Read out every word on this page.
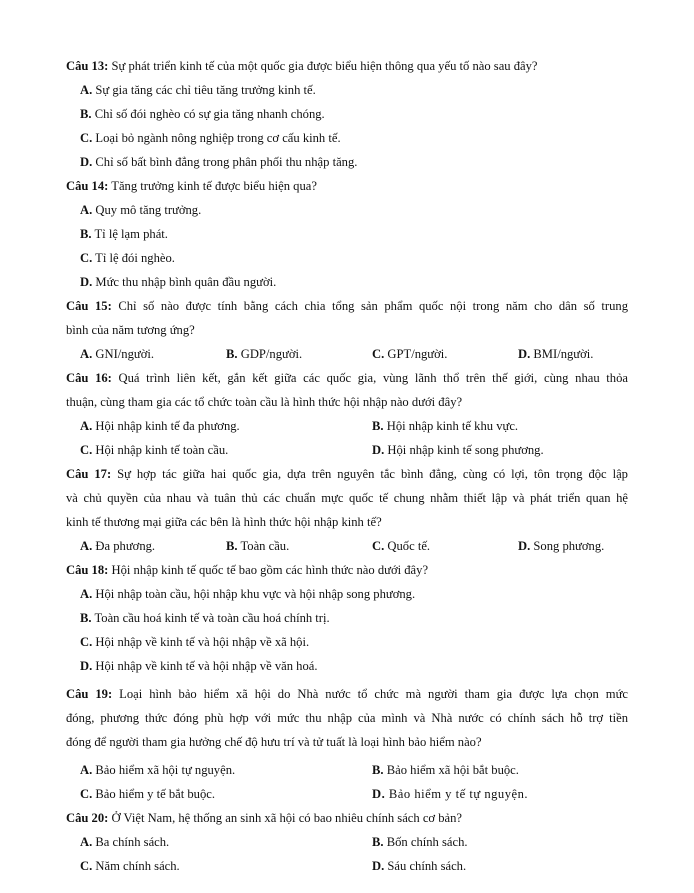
Câu 13: Sự phát triển kinh tế của một quốc gia được biểu hiện thông qua yếu tố nào sau đây?
A. Sự gia tăng các chỉ tiêu tăng trưởng kinh tế.
B. Chỉ số đói nghèo có sự gia tăng nhanh chóng.
C. Loại bỏ ngành nông nghiệp trong cơ cấu kinh tế.
D. Chỉ số bất bình đẳng trong phân phối thu nhập tăng.
Câu 14: Tăng trưởng kinh tế được biểu hiện qua?
A. Quy mô tăng trưởng.
B. Tỉ lệ lạm phát.
C. Tỉ lệ đói nghèo.
D. Mức thu nhập bình quân đầu người.
Câu 15: Chỉ số nào được tính bằng cách chia tổng sản phẩm quốc nội trong năm cho dân số trung
bình của năm tương ứng?
A. GNI/người.	B. GDP/người.	C. GPT/người.	D. BMI/người.
Câu 16: Quá trình liên kết, gắn kết giữa các quốc gia, vùng lãnh thổ trên thế giới, cùng nhau thỏa
thuận, cùng tham gia các tổ chức toàn cầu là hình thức hội nhập nào dưới đây?
A. Hội nhập kinh tế đa phương.	B. Hội nhập kinh tế khu vực.
C. Hội nhập kinh tế toàn cầu.	D. Hội nhập kinh tế song phương.
Câu 17: Sự hợp tác giữa hai quốc gia, dựa trên nguyên tắc bình đẳng, cùng có lợi, tôn trọng độc lập
và chủ quyền của nhau và tuân thủ các chuẩn mực quốc tế chung nhằm thiết lập và phát triển quan hệ
kinh tế thương mại giữa các bên là hình thức hội nhập kinh tế?
A. Đa phương.	B. Toàn cầu.	C. Quốc tế.	D. Song phương.
Câu 18: Hội nhập kinh tế quốc tế bao gồm các hình thức nào dưới đây?
A. Hội nhập toàn cầu, hội nhập khu vực và hội nhập song phương.
B. Toàn cầu hoá kinh tế và toàn cầu hoá chính trị.
C. Hội nhập về kinh tế và hội nhập về xã hội.
D. Hội nhập về kinh tế và hội nhập về văn hoá.
Câu 19: Loại hình bảo hiểm xã hội do Nhà nước tổ chức mà người tham gia được lựa chọn mức
đóng, phương thức đóng phù hợp với mức thu nhập của mình và Nhà nước có chính sách hỗ trợ tiền
đóng để người tham gia hưởng chế độ hưu trí và tử tuất là loại hình bảo hiểm nào?
A. Bảo hiểm xã hội tự nguyện.	B. Bảo hiểm xã hội bắt buộc.
C. Bảo hiểm y tế bắt buộc.	D. Bảo hiểm y tế tự nguyện.
Câu 20: Ở Việt Nam, hệ thống an sinh xã hội có bao nhiêu chính sách cơ bản?
A. Ba chính sách.	B. Bốn chính sách.
C. Năm chính sách.	D. Sáu chính sách.
